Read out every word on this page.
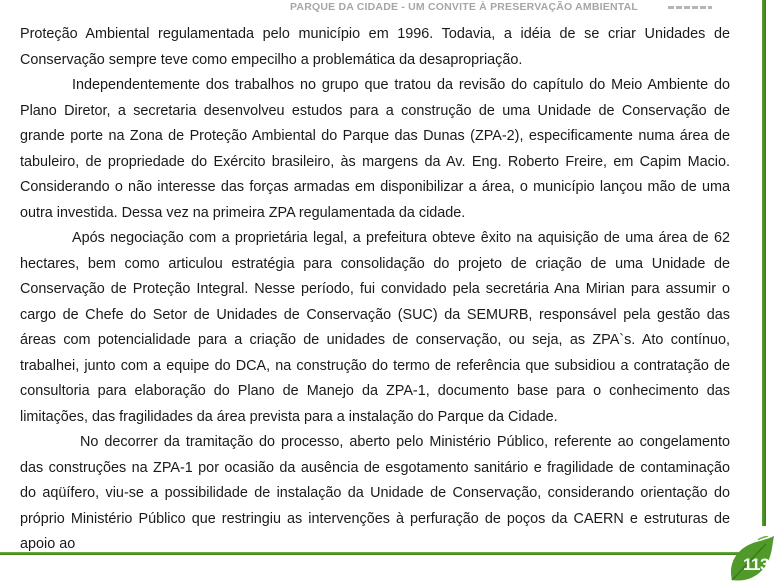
PARQUE DA CIDADE - UM CONVITE À PRESERVAÇÃO AMBIENTAL
113

Proteção Ambiental regulamentada pelo município em 1996. Todavia, a idéia de se criar Unidades de Conservação sempre teve como empecilho a problemática da desapropriação.

Independentemente dos trabalhos no grupo que tratou da revisão do capítulo do Meio Ambiente do Plano Diretor, a secretaria desenvolveu estudos para a construção de uma Unidade de Conservação de grande porte na Zona de Proteção Ambiental do Parque das Dunas (ZPA-2), especificamente numa área de tabuleiro, de propriedade do Exército brasileiro, às margens da Av. Eng. Roberto Freire, em Capim Macio. Considerando o não interesse das forças armadas em disponibilizar a área, o município lançou mão de uma outra investida. Dessa vez na primeira ZPA regulamentada da cidade.

Após negociação com a proprietária legal, a prefeitura obteve êxito na aquisição de uma área de 62 hectares, bem como articulou estratégia para consolidação do projeto de criação de uma Unidade de Conservação de Proteção Integral. Nesse período, fui convidado pela secretária Ana Mirian para assumir o cargo de Chefe do Setor de Unidades de Conservação (SUC) da SEMURB, responsável pela gestão das áreas com potencialidade para a criação de unidades de conservação, ou seja, as ZPA`s. Ato contínuo, trabalhei, junto com a equipe do DCA, na construção do termo de referência que subsidiou a contratação de consultoria para elaboração do Plano de Manejo da ZPA-1, documento base para o conhecimento das limitações, das fragilidades da área prevista para a instalação do Parque da Cidade.

No decorrer da tramitação do processo, aberto pelo Ministério Público, referente ao congelamento das construções na ZPA-1 por ocasião da ausência de esgotamento sanitário e fragilidade de contaminação do aqüífero, viu-se a possibilidade de instalação da Unidade de Conservação, considerando orientação do próprio Ministério Público que restringiu as intervenções à perfuração de poços da CAERN e estruturas de apoio ao
